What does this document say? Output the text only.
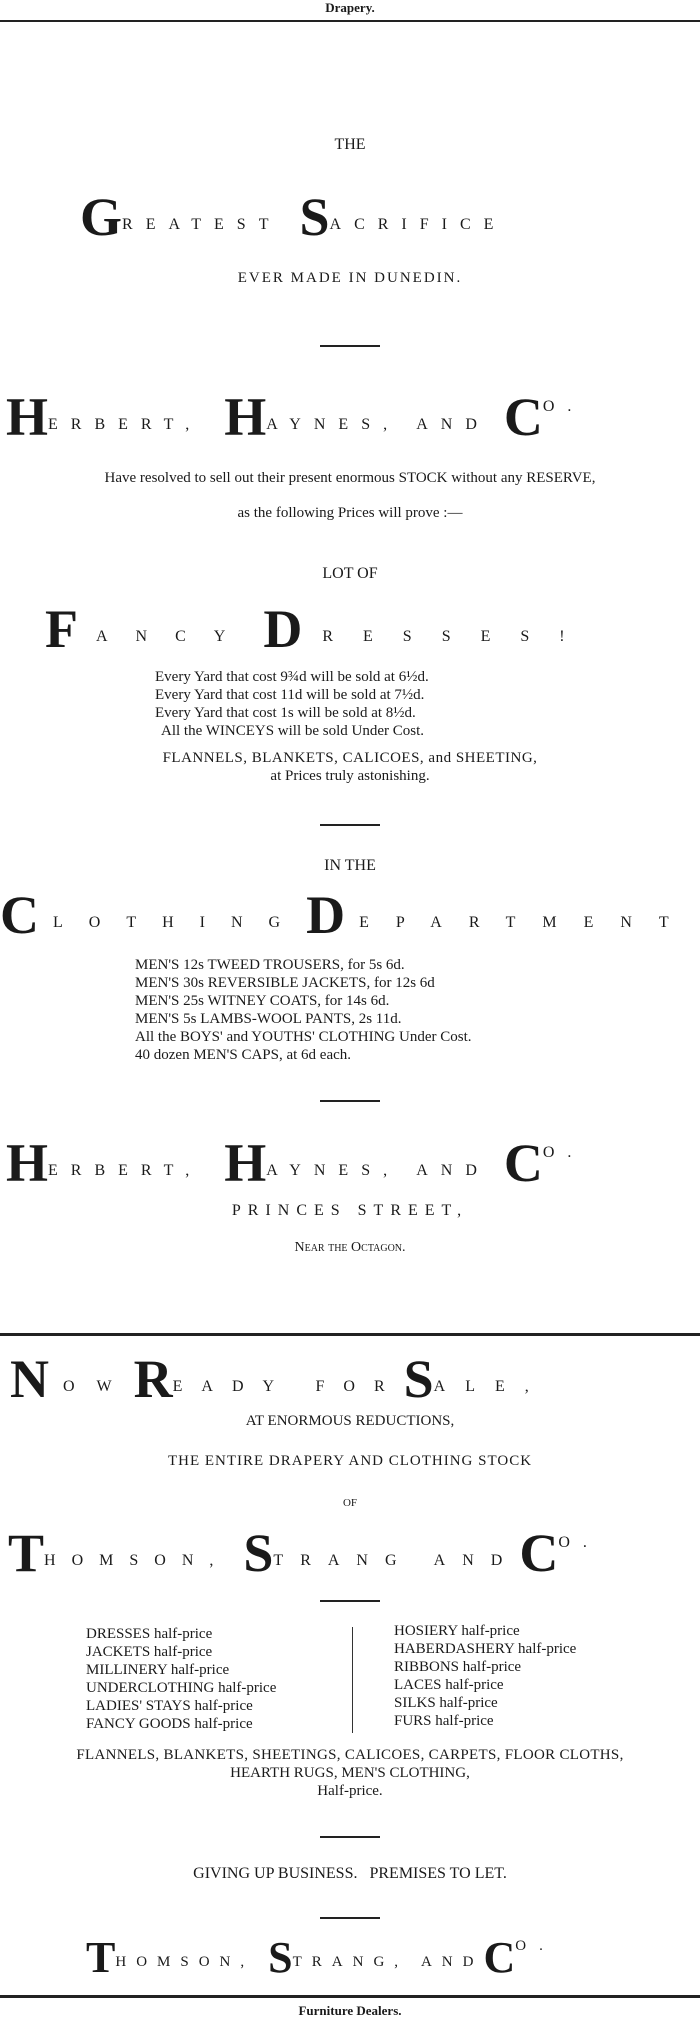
Drapery.
THE
GREATEST SACRIFICE
EVER MADE IN DUNEDIN.
HERBERT, HAYNES, AND CO.
Have resolved to sell out their present enormous STOCK without any RESERVE,
as the following Prices will prove :—
LOT OF
F ANCY D RESSES!
Every Yard that cost 9¾d will be sold at 6½d.
Every Yard that cost 11d will be sold at 7½d.
Every Yard that cost 1s will be sold at 8½d.
All the WINCEYS will be sold Under Cost.
FLANNELS, BLANKETS, CALICOES, and SHEETING,
at Prices truly astonishing.
IN THE
CLOTHINGD EPARTMENT
MEN'S 12s TWEED TROUSERS, for 5s 6d.
MEN'S 30s REVERSIBLE JACKETS, for 12s 6d
MEN'S 25s WITNEY COATS, for 14s 6d.
MEN'S 5s LAMBS-WOOL PANTS, 2s 11d.
All the BOYS' and YOUTHS' CLOTHING Under Cost.
40 dozen MEN'S CAPS, at 6d each.
HERBERT, HAYNES, AND CO.
PRINCES STREET,
Near the Octagon.
NOWREADY FORSALE,
AT ENORMOUS REDUCTIONS,
THE ENTIRE DRAPERY AND CLOTHING STOCK
OF
THOMSON, STRANG ANDCO.
DRESSES half-price
JACKETS half-price
MILLINERY half-price
UNDERCLOTHING half-price
LADIES' STAYS half-price
FANCY GOODS half-price
HOSIERY half-price
HABERDASHERY half-price
RIBBONS half-price
LACES half-price
SILKS half-price
FURS half-price
FLANNELS, BLANKETS, SHEETINGS, CALICOES, CARPETS, FLOOR CLOTHS,
HEARTH RUGS, MEN'S CLOTHING,
Half-price.
GIVING UP BUSINESS.   PREMISES TO LET.
THOMSON, STRANG, ANDCO.
Furniture Dealers.
